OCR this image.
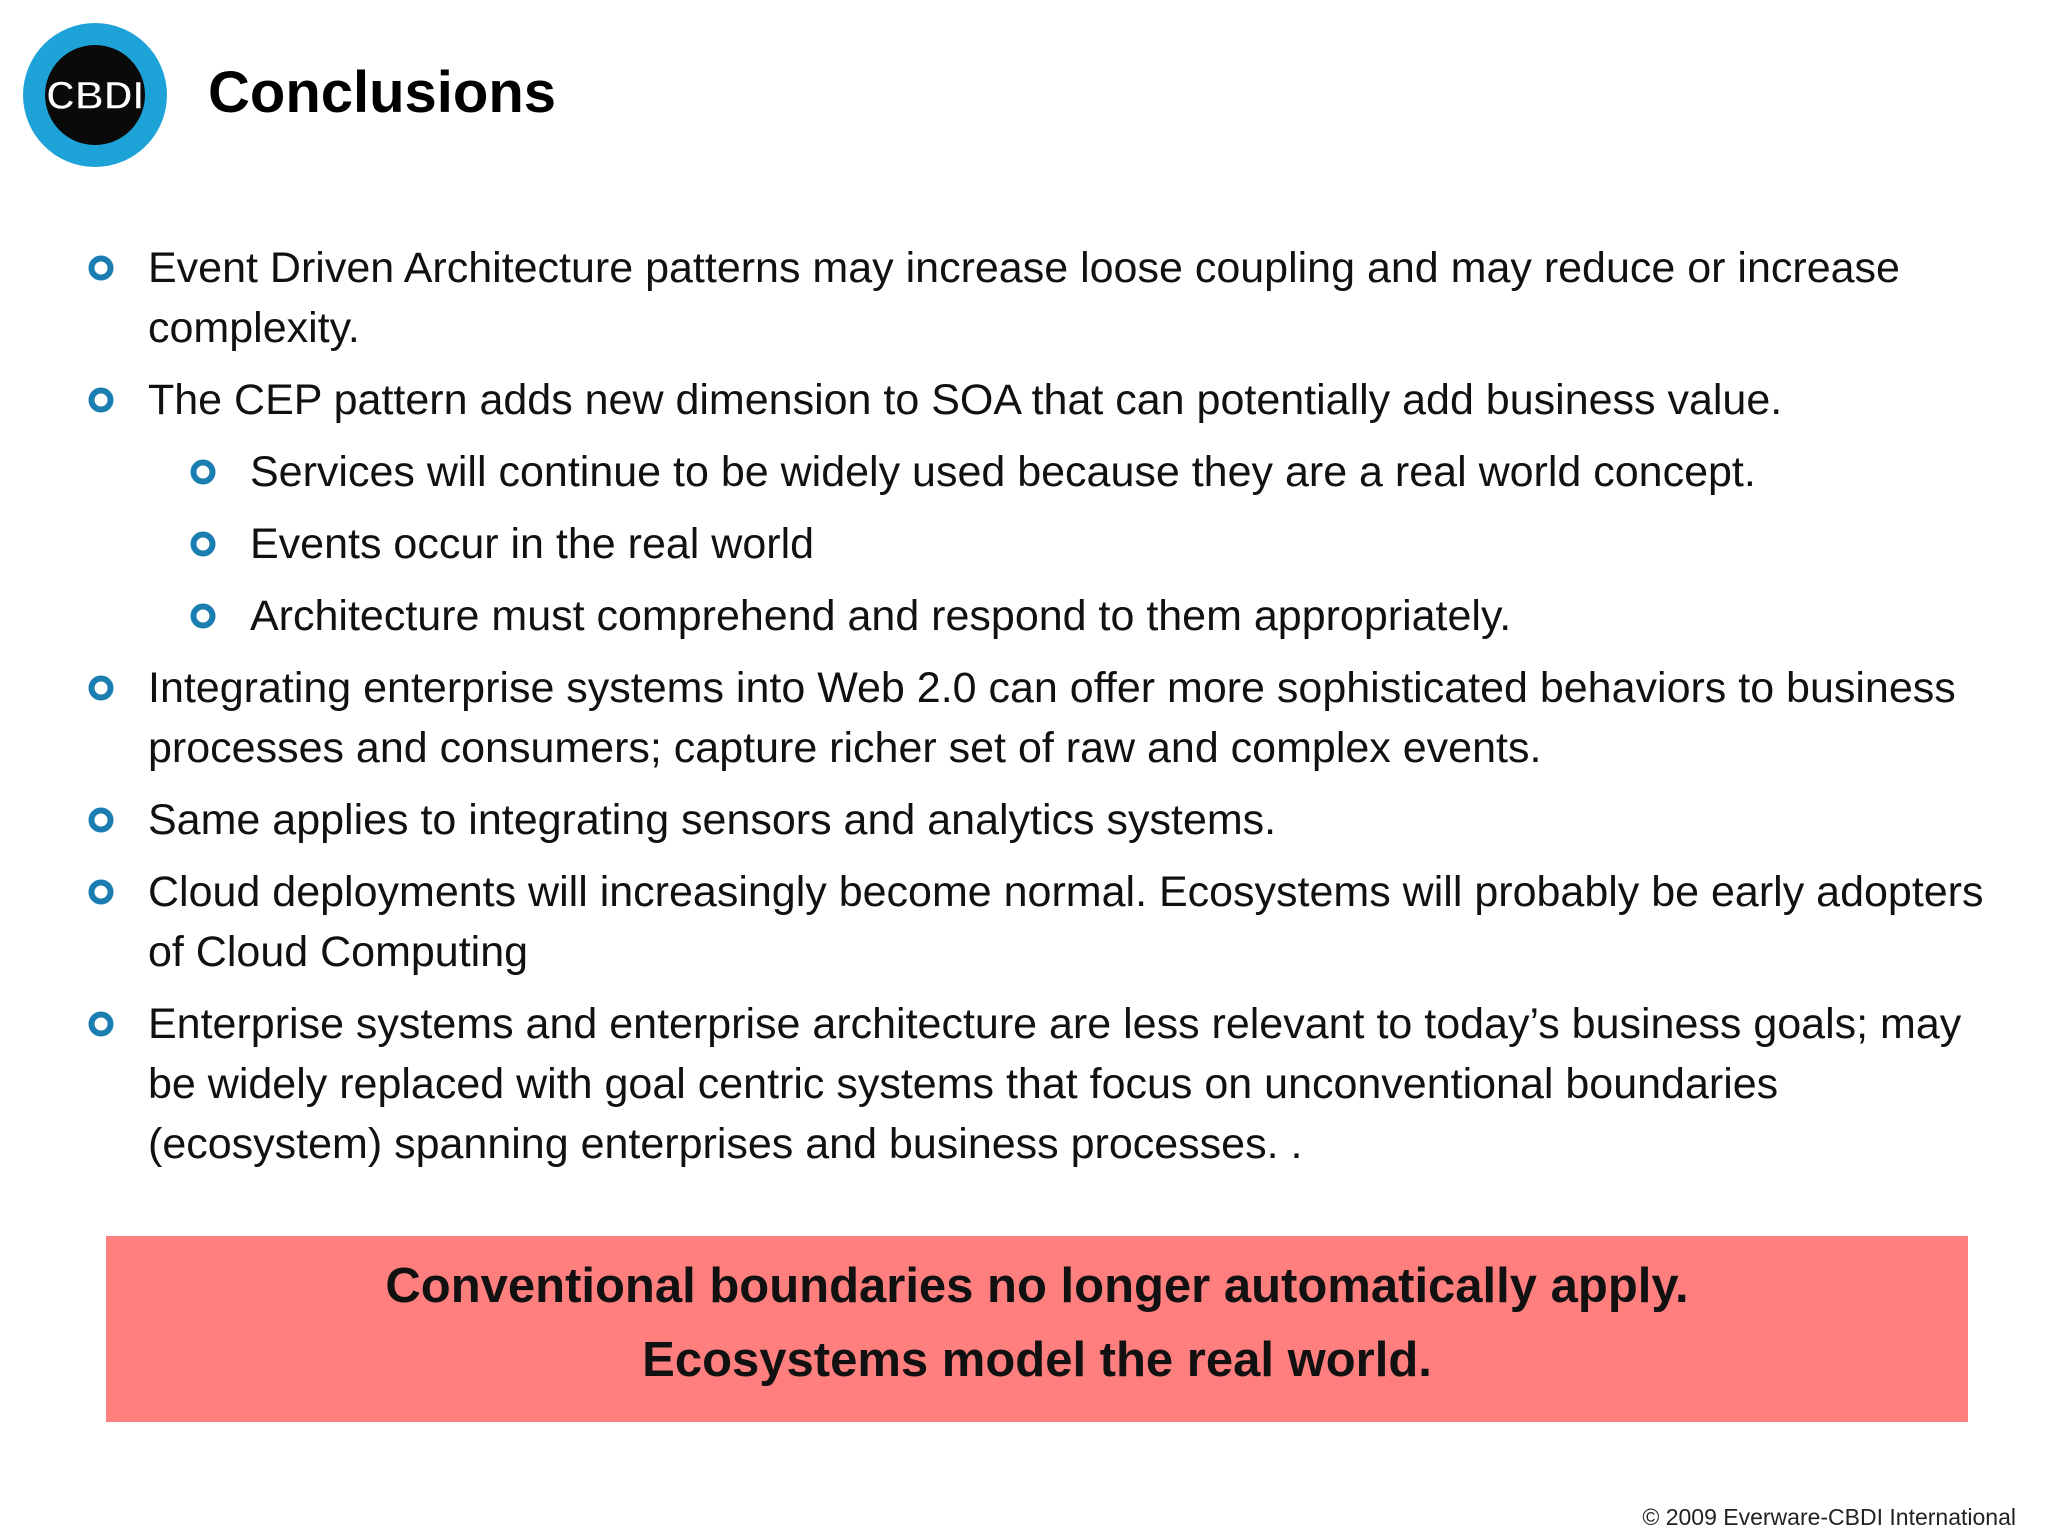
CBDI Conclusions
Event Driven Architecture patterns may increase loose coupling and may reduce or increase complexity.
The CEP pattern adds new dimension to SOA that can potentially add business value.
Services will continue to be widely used because they are a real world concept.
Events occur in the real world
Architecture must comprehend and respond to them appropriately.
Integrating enterprise systems into Web 2.0 can offer more sophisticated behaviors to business processes and consumers; capture richer set of raw and complex events.
Same applies to integrating sensors and analytics systems.
Cloud deployments will increasingly become normal. Ecosystems will probably be early adopters of Cloud Computing
Enterprise systems and enterprise architecture are less relevant to today’s business goals; may be widely replaced with goal centric systems that focus on unconventional boundaries (ecosystem) spanning enterprises and business processes. .
Conventional boundaries no longer automatically apply.
Ecosystems model the real world.
© 2009 Everware-CBDI International
